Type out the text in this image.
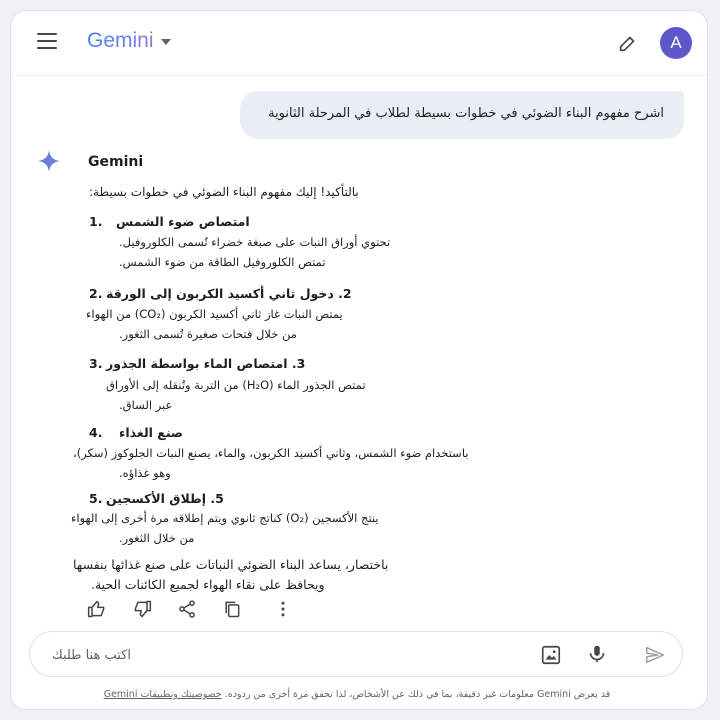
Gemini	A
اشرح مفهوم البناء الضوئي في خطوات بسيطة لطلاب في المرحلة الثانوية
Gemini
بالتأكيد! إليك مفهوم البناء الضوئي في خطوات بسيطة:
1. امتصاص ضوء الشمس
تحتوي أوراق النبات على صبغة خضراء تُسمى الكلوروفيل.
تمتص الكلوروفيل الطاقة من ضوء الشمس.
2. 2. دخول ثاني أكسيد الكربون إلى الورقة
يمتص النبات غاز ثاني أكسيد الكربون (CO₂) من الهواء
من خلال فتحات صغيرة تُسمى الثغور.
3. 3. امتصاص الماء بواسطة الجذور
تمتص الجذور الماء (H₂O) من التربة وتُنقله إلى الأوراق
عبر الساق.
4. صنع الغذاء
باستخدام ضوء الشمس، وثاني أكسيد الكربون، والماء، يصنع النبات الجلوكوز (سكر)،
وهو غذاؤه.
5. 5. إطلاق الأكسجين
ينتج الأكسجين (O₂) كناتج ثانوي ويتم إطلاقه مرة أخرى إلى الهواء
من خلال الثغور.
باختصار، يساعد البناء الضوئي النباتات على صنع غذائها بنفسها
ويحافظ على نقاء الهواء لجميع الكائنات الحية.
اكتب هنا طلبك
قد يعرض Gemini معلومات غير دقيقة، بما في ذلك عن الأشخاص، لذا تحقق مرة أخرى من ردوده. خصوصيتك وتطبيقات Gemini
